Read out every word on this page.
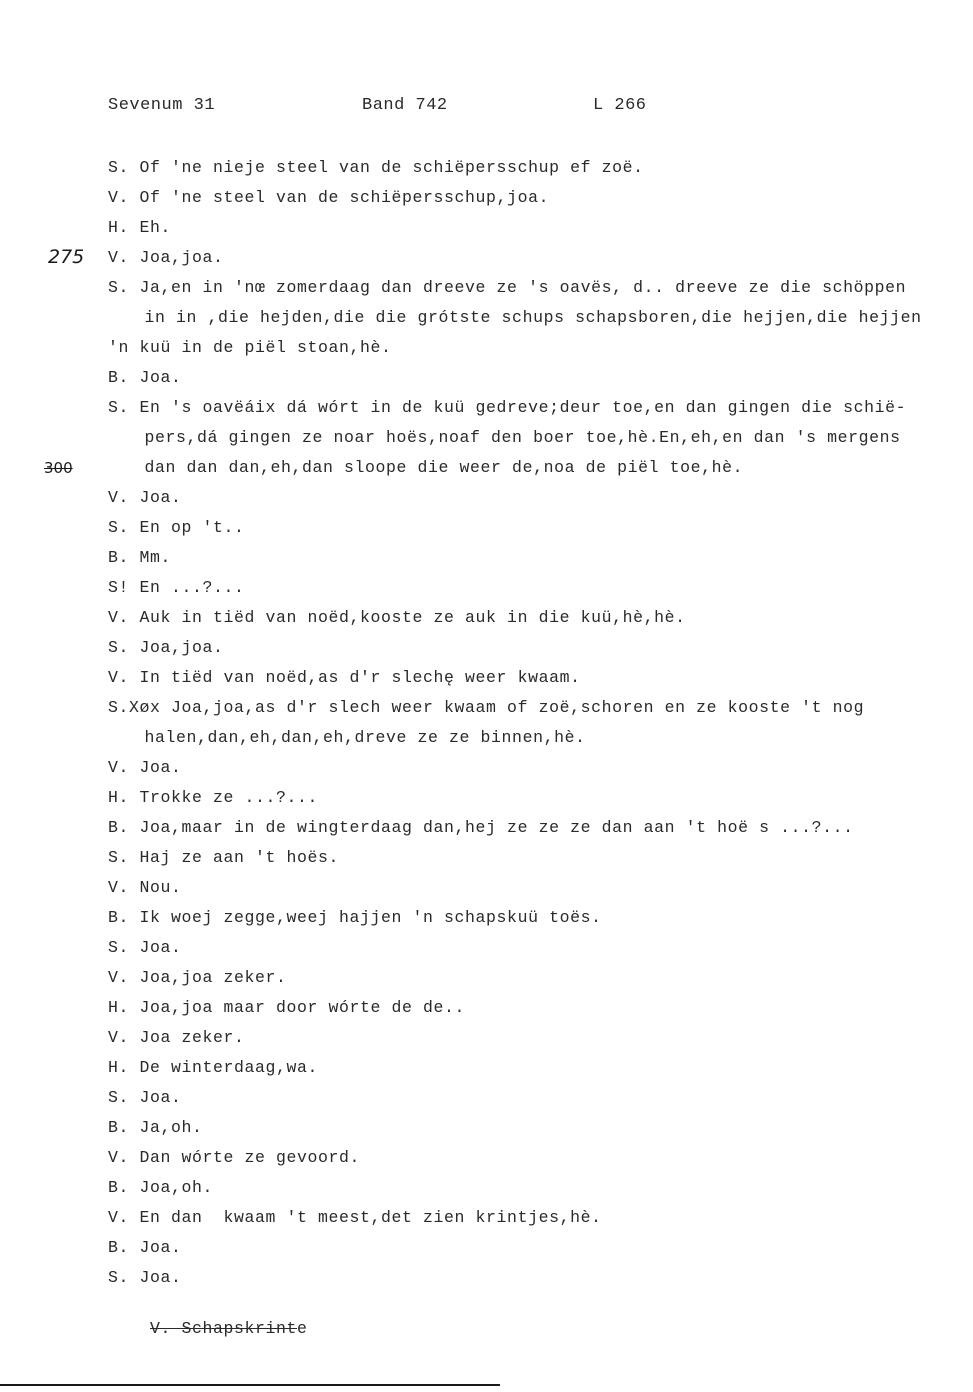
Sevenum 31	Band 742	L 266
275
300
S. Of 'ne nieje steel van de schiëpersschup ef zoë.
V. Of 'ne steel van de schiëpersschup,joa.
H. Eh.
V. Joa,joa.
S. Ja,en in 'nœ zomerdaag dan dreeve ze 's oavës, d.. dreeve ze die schöppen
in in ,die hejden,die die grótste schups schapsboren,die hejjen,die hejjen
'n kuü in de piël stoan,hè.
B. Joa.
S. En 's oavëáix dá wórt in de kuü gedreve;deur toe,en dan gingen die schië-
pers,dá gingen ze noar hoës,noaf den boer toe,hè.En,eh,en dan 's mergens
dan dan dan,eh,dan sloope die weer de,noa de piël toe,hè.
V. Joa.
S. En op 't..
B. Mm.
S! En ...?...
V. Auk in tiëd van noëd,kooste ze auk in die kuü,hè,hè.
S. Joa,joa.
V. In tiëd van noëd,as d'r slechę weer kwaam.
S.Xøx Joa,joa,as d'r slech weer kwaam of zoë,schoren en ze kooste 't nog
halen,dan,eh,dan,eh,dreve ze ze binnen,hè.
V. Joa.
H. Trokke ze ...?...
B. Joa,maar in de wingterdaag dan,hej ze ze ze dan aan 't hoë s ...?...
S. Haj ze aan 't hoës.
V. Nou.
B. Ik woej zegge,weej hajjen 'n schapskuü toës.
S. Joa.
V. Joa,joa zeker.
H. Joa,joa maar door wórte de de..
V. Joa zeker.
H. De winterdaag,wa.
S. Joa.
B. Ja,oh.
V. Dan wórte ze gevoord.
B. Joa,oh.
V. En dan  kwaam 't meest,det zien krintjes,hè.
B. Joa.
S. Joa.

V. Schapskrinte
